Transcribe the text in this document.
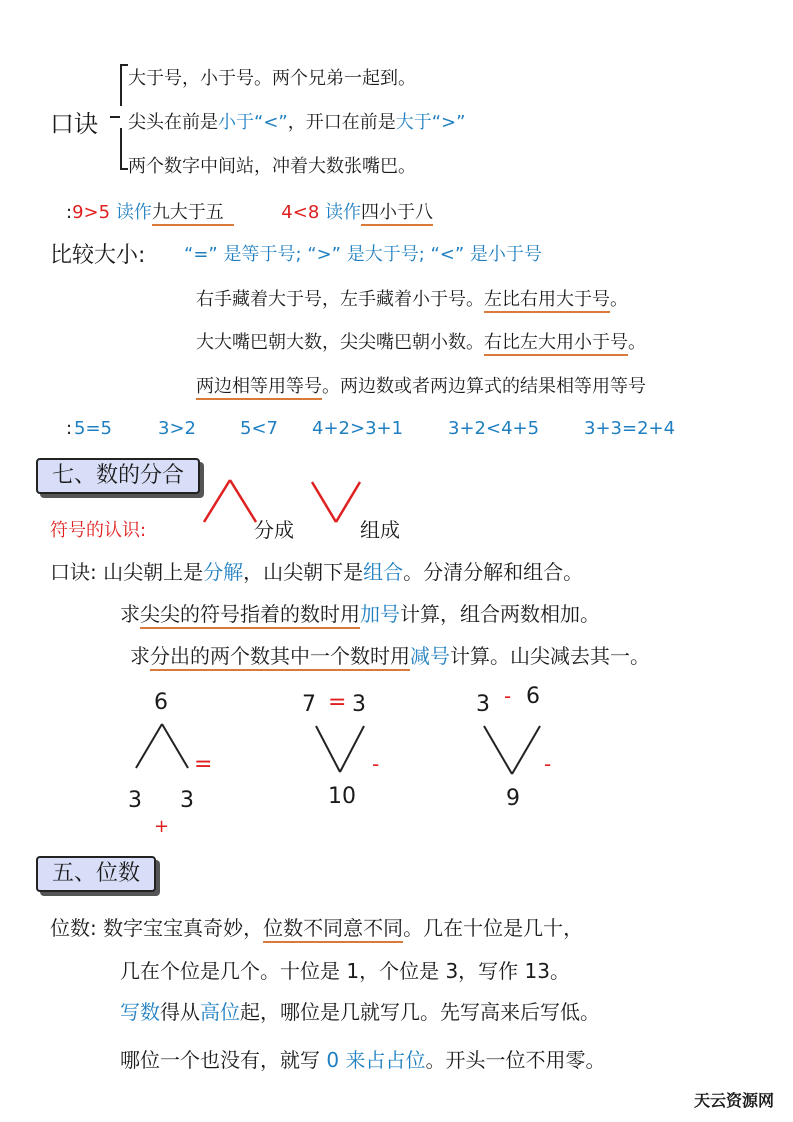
口诀
大于号，小于号。两个兄弟一起到。
尖头在前是小于“<”，开口在前是大于“>”
两个数字中间站，冲着大数张嘴巴。
:9>5 读作九大于五	4<8 读作四小于八
比较大小: “=” 是等于号; “>” 是大于号; “<” 是小于号
右手藏着大于号，左手藏着小于号。左比右用大于号。
大大嘴巴朝大数，尖尖嘴巴朝小数。右比左大用小于号。
两边相等用等号。两边数或者两边算式的结果相等用等号
: 5=5	3>2 5<7 4+2>3+1 3+2<4+5 3+3=2+4
七、数的分合
符号的认识:	分成	组成
口诀: 山尖朝上是分解，山尖朝下是组合。分清分解和组合。
求尖尖的符号指着的数时用加号计算，组合两数相加。
求分出的两个数其中一个数时用减号计算。山尖减去其一。
6
3 3
=
+
7 = 3
10
-
3 - 6
9
-
五、位数
位数: 数字宝宝真奇妙，位数不同意不同。几在十位是几十，
几在个位是几个。十位是 1，个位是 3，写作 13。
写数得从高位起，哪位是几就写几。先写高来后写低。
哪位一个也没有，就写 0 来占占位。开头一位不用零。
天云资源网
